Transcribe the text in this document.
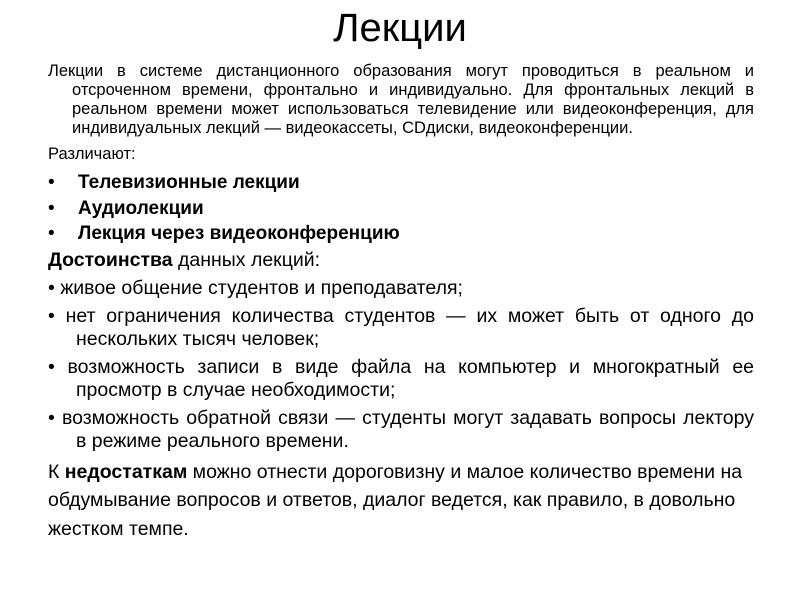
Лекции

Лекции в системе дистанционного образования могут проводиться в реальном и отсроченном времени, фронтально и индивидуально. Для фронтальных лекций в реальном времени может использоваться телевидение или видеоконференция, для индивидуальных лекций — видеокассеты, CDдиски, видеоконференции.

Различают:
• Телевизионные лекции
• Аудиолекции
• Лекция через видеоконференцию
Достоинства данных лекций:
• живое общение студентов и преподавателя;
• нет ограничения количества студентов — их может быть от одного до нескольких тысяч человек;
• возможность записи в виде файла на компьютер и многократный ее просмотр в случае необходимости;
• возможность обратной связи — студенты могут задавать вопросы лектору в режиме реального времени.
К недостаткам можно отнести дороговизну и малое количество времени на обдумывание вопросов и ответов, диалог ведется, как правило, в довольно жестком темпе.
